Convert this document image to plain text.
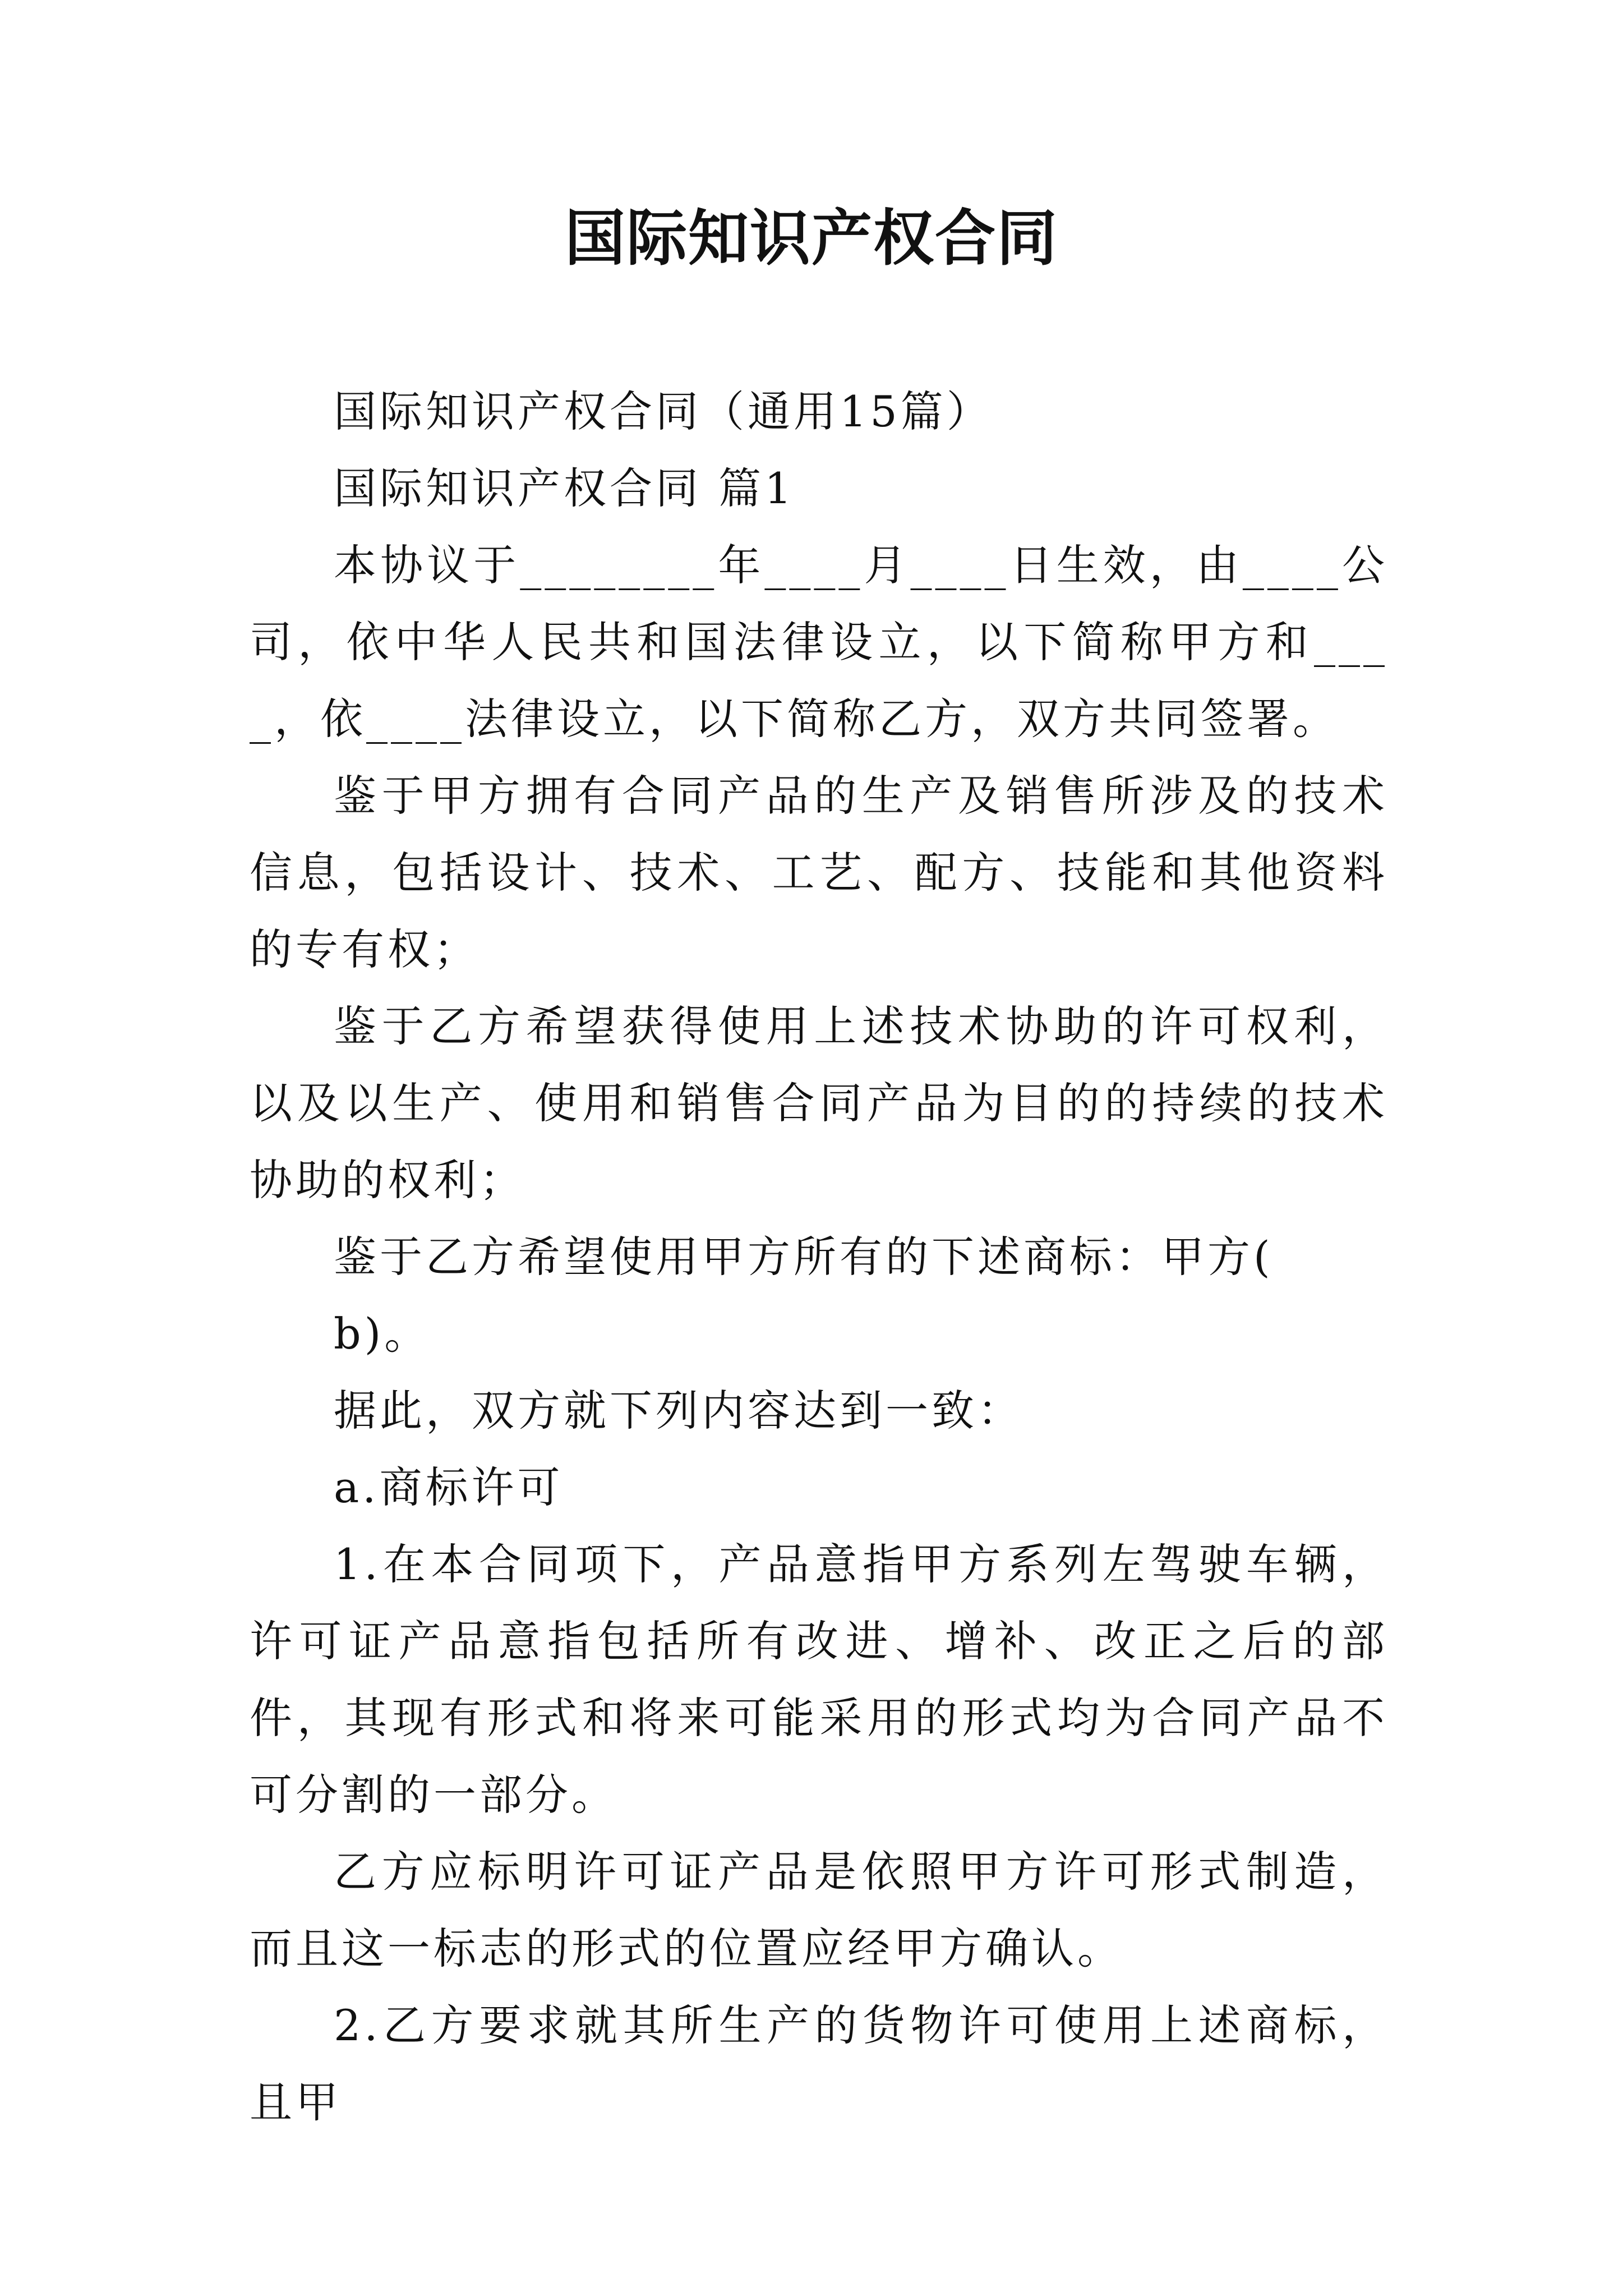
国际知识产权合同

国际知识产权合同（通用15篇）

国际知识产权合同 篇1

本协议于________年____月____日生效，由____公司，依中华人民共和国法律设立，以下简称甲方和____，依____法律设立，以下简称乙方，双方共同签署。

鉴于甲方拥有合同产品的生产及销售所涉及的技术信息，包括设计、技术、工艺、配方、技能和其他资料的专有权；

鉴于乙方希望获得使用上述技术协助的许可权利，以及以生产、使用和销售合同产品为目的的持续的技术协助的权利；

鉴于乙方希望使用甲方所有的下述商标：甲方(

b)。

据此，双方就下列内容达到一致：

a.商标许可

1.在本合同项下，产品意指甲方系列左驾驶车辆，许可证产品意指包括所有改进、增补、改正之后的部件，其现有形式和将来可能采用的形式均为合同产品不可分割的一部分。

乙方应标明许可证产品是依照甲方许可形式制造，而且这一标志的形式的位置应经甲方确认。

2.乙方要求就其所生产的货物许可使用上述商标，且甲
